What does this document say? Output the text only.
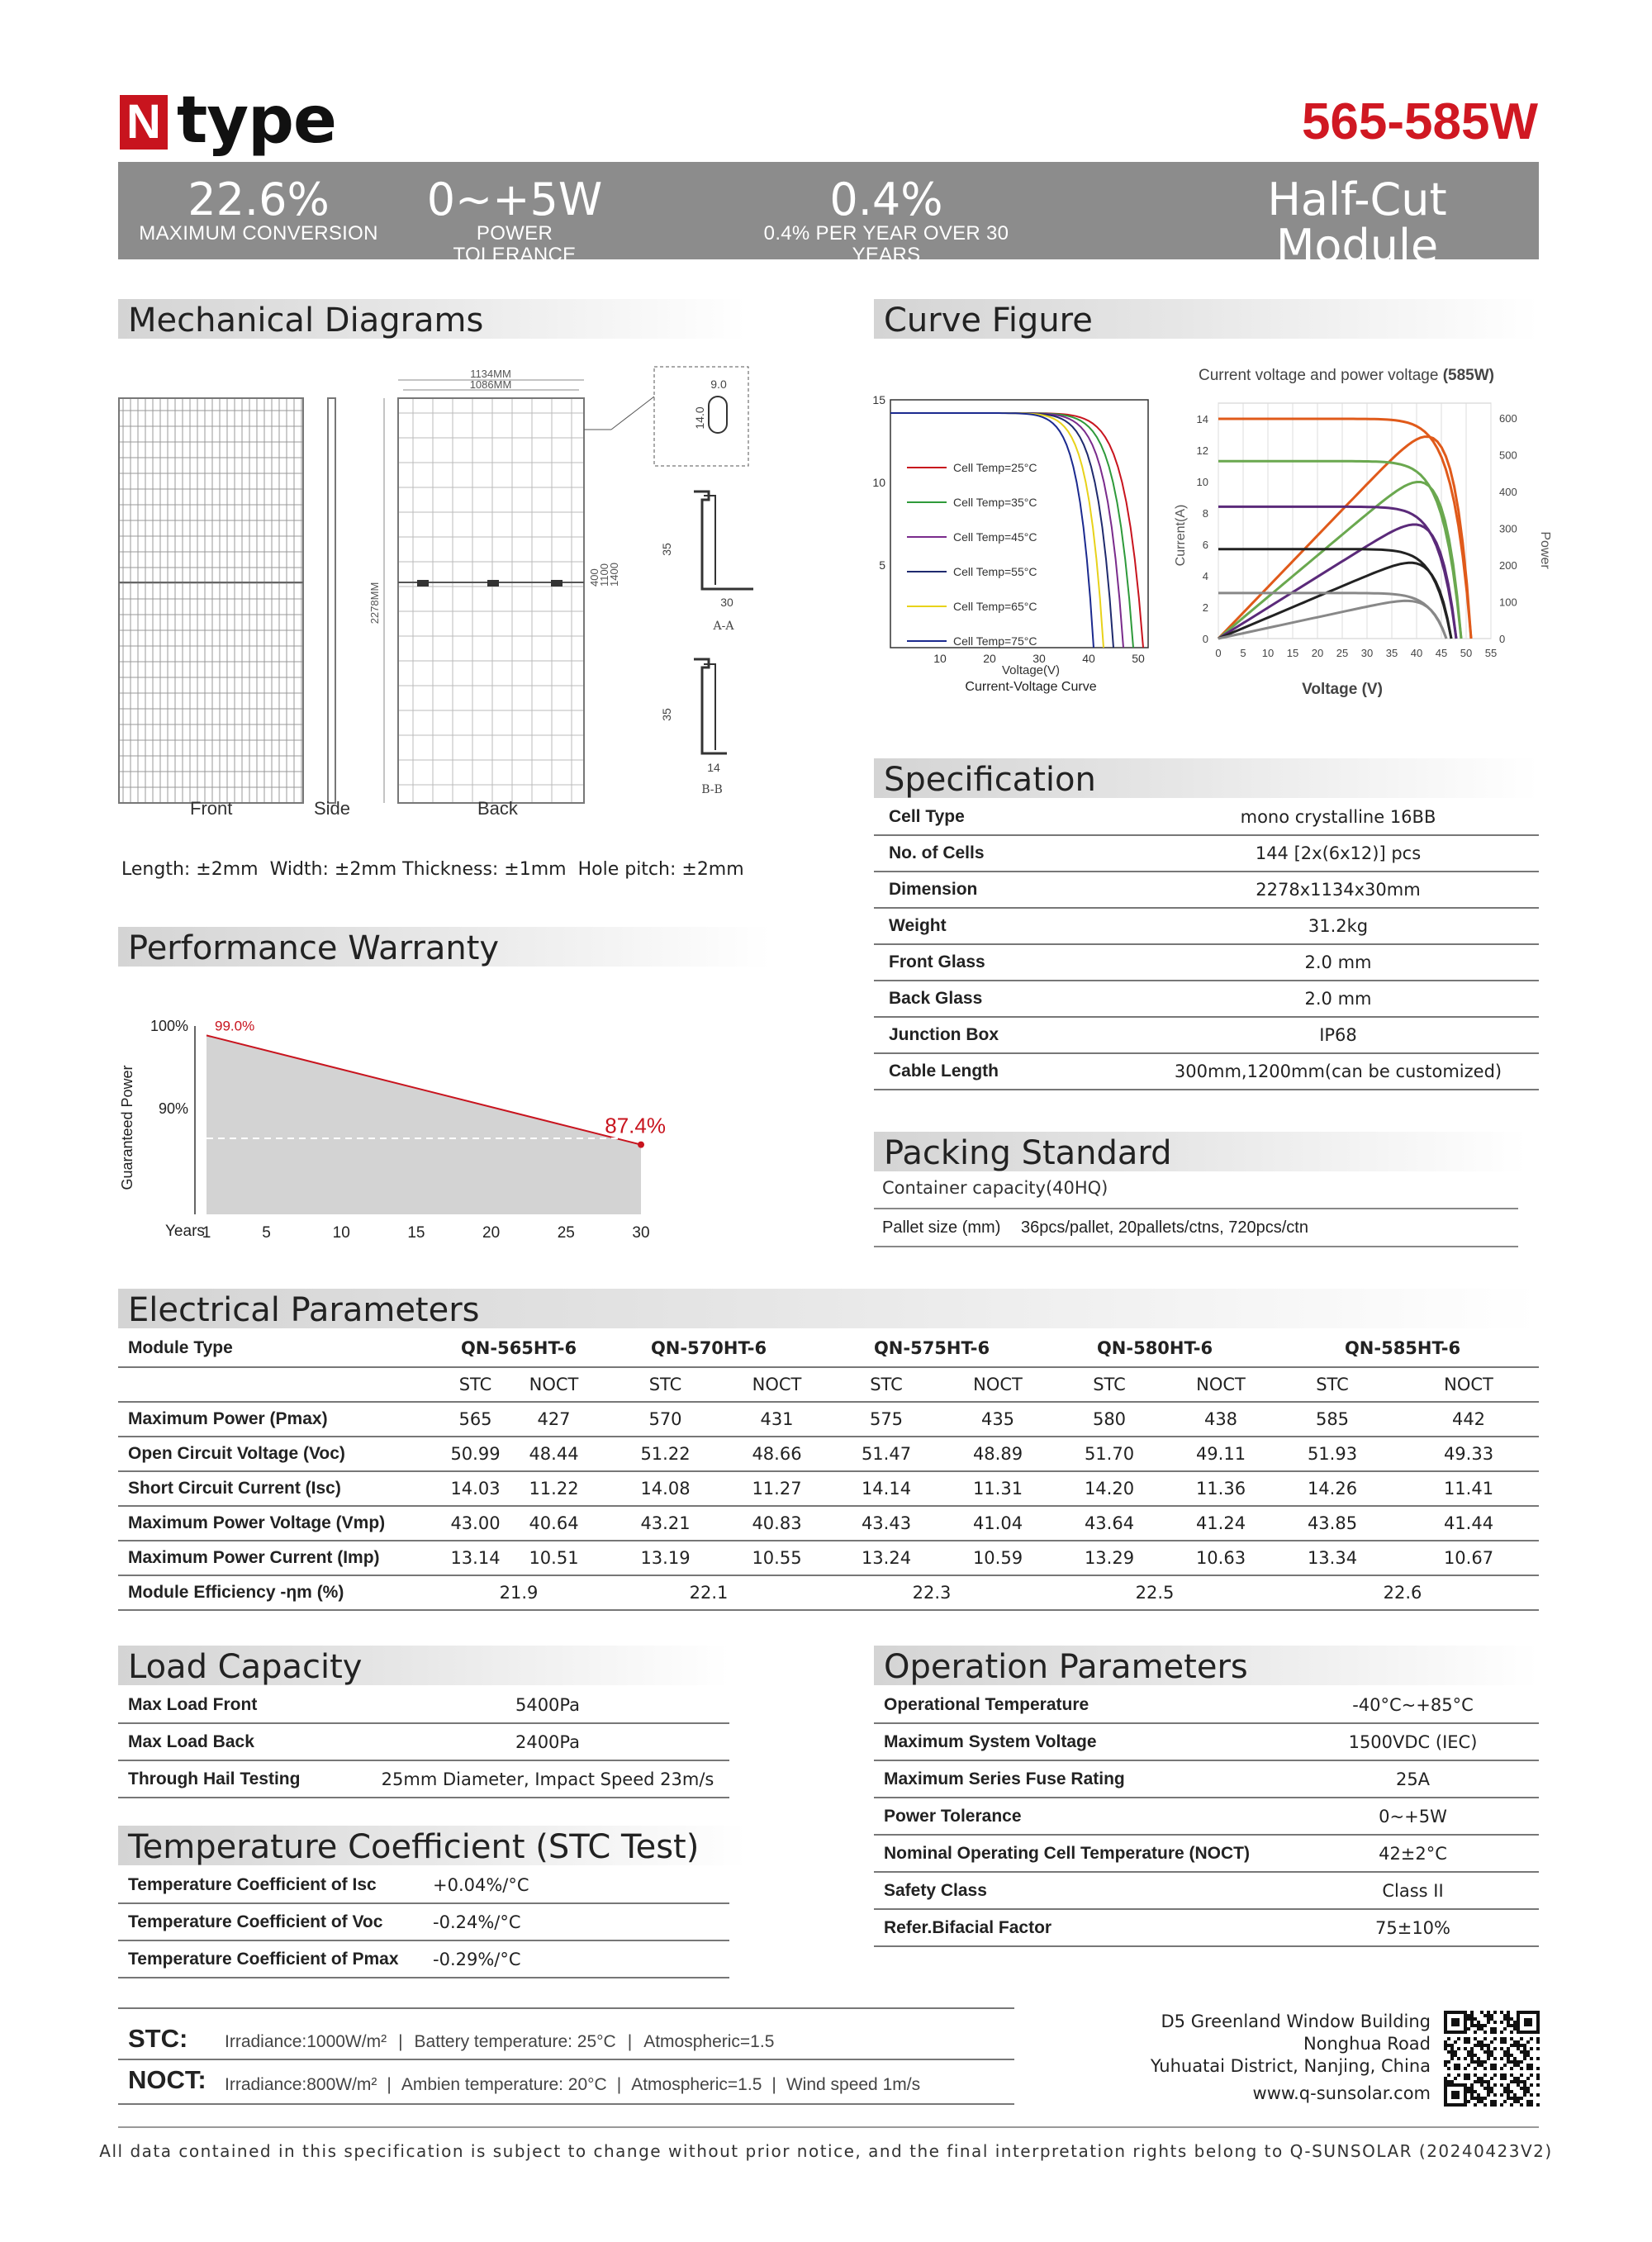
N type	565-585W
22.6%
MAXIMUM CONVERSION
0~+5W
POWER TOLERANCE
0.4%
0.4% PER YEAR OVER 30 YEARS
Half-Cut Module
LOWER TEMPERATURE
Mechanical Diagrams	Curve Figure
Specification
Performance Warranty
Packing Standard
Electrical Parameters
Load Capacity	Operation Parameters
Temperature Coefficient (STC Test)
1134MM
1086MM
2278MM
400
1100
1400
9.0
14.0
35
30
A-A
35
14
B-B
Front	Side	Back
Length: ±2mm  Width: ±2mm Thickness: ±1mm  Hole pitch: ±2mm
Cell Temp=25°C
Cell Temp=35°C
Cell Temp=45°C
Cell Temp=55°C
Cell Temp=65°C
Cell Temp=75°C
10	20	30	40	50
5
10
15
Voltage(V)
Current-Voltage Curve
Current voltage and power voltage (585W)
0 5 10 15 20 25 30 35 40 45 50 55
0
2
4
6
8
10
12
14
0
100
200
300
400
500
600
Current(A)	Power
Voltage (V)
Cell Type	mono crystalline 16BB
No. of Cells	144 [2x(6x12)] pcs
Dimension	2278x1134x30mm
Weight	31.2kg
Front Glass	2.0 mm
Back Glass	2.0 mm
Junction Box	IP68
Cable Length	300mm,1200mm(can be customized)
99.0%
87.4%
100%
90%
1	5	10	15	20	25	30
Guaranteed Power
Years
Container capacity(40HQ)
Pallet size (mm) 36pcs/pallet, 20pallets/ctns, 720pcs/ctn
Module Type	QN-565HT-6		QN-570HT-6		QN-575HT-6		QN-580HT-6		QN-585HT-6	
	STC	NOCT	STC	NOCT	STC	NOCT	STC	NOCT	STC	NOCT
Maximum Power (Pmax)	565	427	570	431	575	435	580	438	585	442
Open Circuit Voltage (Voc)	50.99	48.44	51.22	48.66	51.47	48.89	51.70	49.11	51.93	49.33
Short Circuit Current (Isc)	14.03	11.22	14.08	11.27	14.14	11.31	14.20	11.36	14.26	11.41
Maximum Power Voltage (Vmp)	43.00	40.64	43.21	40.83	43.43	41.04	43.64	41.24	43.85	41.44
Maximum Power Current (Imp)	13.14	10.51	13.19	10.55	13.24	10.59	13.29	10.63	13.34	10.67
Module Efficiency -ηm (%)	21.9		22.1		22.3		22.5		22.6	
Max Load Front	5400Pa
Max Load Back	2400Pa
Through Hail Testing	25mm Diameter, Impact Speed 23m/s
Temperature Coefficient of Isc	+0.04%/°C	
Temperature Coefficient of Voc	-0.24%/°C	
Temperature Coefficient of Pmax	-0.29%/°C	
Operational Temperature	-40°C~+85°C
Maximum System Voltage	1500VDC (IEC)
Maximum Series Fuse Rating	25A
Power Tolerance	0~+5W
Nominal Operating Cell Temperature (NOCT)	42±2°C
Safety Class	Class II
Refer.Bifacial Factor	75±10%
STC: Irradiance:1000W/m² | Battery temperature: 25°C | Atmospheric=1.5
NOCT: Irradiance:800W/m² | Ambien temperature: 20°C | Atmospheric=1.5 | Wind speed 1m/s
D5 Greenland Window Building
Nonghua Road
Yuhuatai District, Nanjing, China
www.q-sunsolar.com
All data contained in this specification is subject to change without prior notice, and the final interpretation rights belong to Q-SUNSOLAR (20240423V2)
